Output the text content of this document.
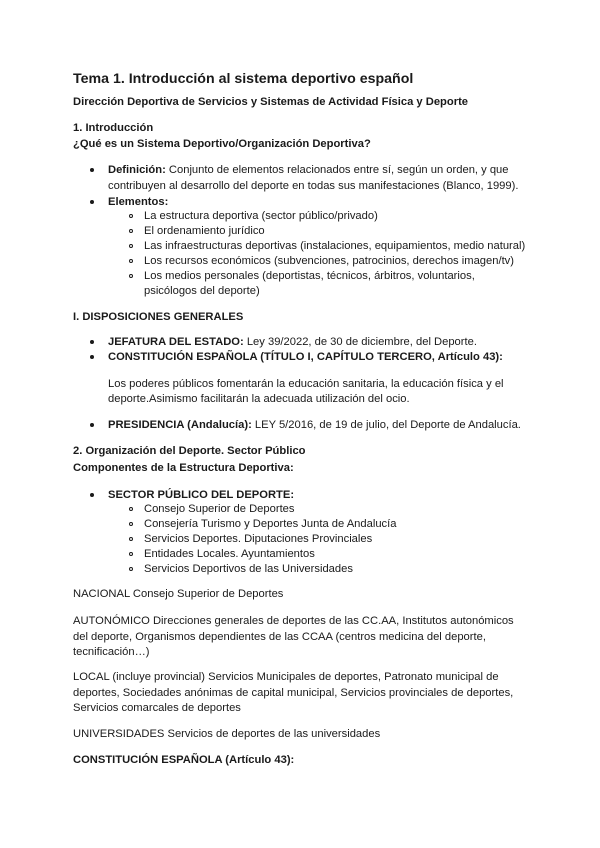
Tema 1. Introducción al sistema deportivo español
Dirección Deportiva de Servicios y Sistemas de Actividad Física y Deporte
1. Introducción
¿Qué es un Sistema Deportivo/Organización Deportiva?
Definición: Conjunto de elementos relacionados entre sí, según un orden, y que
contribuyen al desarrollo del deporte en todas sus manifestaciones (Blanco, 1999).
Elementos:
La estructura deportiva (sector público/privado)
El ordenamiento jurídico
Las infraestructuras deportivas (instalaciones, equipamientos, medio natural)
Los recursos económicos (subvenciones, patrocinios, derechos imagen/tv)
Los medios personales (deportistas, técnicos, árbitros, voluntarios,
psicólogos del deporte)
I. DISPOSICIONES GENERALES
JEFATURA DEL ESTADO: Ley 39/2022, de 30 de diciembre, del Deporte.
CONSTITUCIÓN ESPAÑOLA (TÍTULO I, CAPÍTULO TERCERO, Artículo 43):
Los poderes públicos fomentarán la educación sanitaria, la educación física y el
deporte.Asimismo facilitarán la adecuada utilización del ocio.
PRESIDENCIA (Andalucía): LEY 5/2016, de 19 de julio, del Deporte de Andalucía.
2. Organización del Deporte. Sector Público
Componentes de la Estructura Deportiva:
SECTOR PÚBLICO DEL DEPORTE:
Consejo Superior de Deportes
Consejería Turismo y Deportes Junta de Andalucía
Servicios Deportes. Diputaciones Provinciales
Entidades Locales. Ayuntamientos
Servicios Deportivos de las Universidades
NACIONAL Consejo Superior de Deportes
AUTONÓMICO Direcciones generales de deportes de las CC.AA, Institutos autonómicos
del deporte, Organismos dependientes de las CCAA (centros medicina del deporte,
tecnificación…)
LOCAL (incluye provincial) Servicios Municipales de deportes, Patronato municipal de
deportes, Sociedades anónimas de capital municipal, Servicios provinciales de deportes,
Servicios comarcales de deportes
UNIVERSIDADES Servicios de deportes de las universidades
CONSTITUCIÓN ESPAÑOLA (Artículo 43):
